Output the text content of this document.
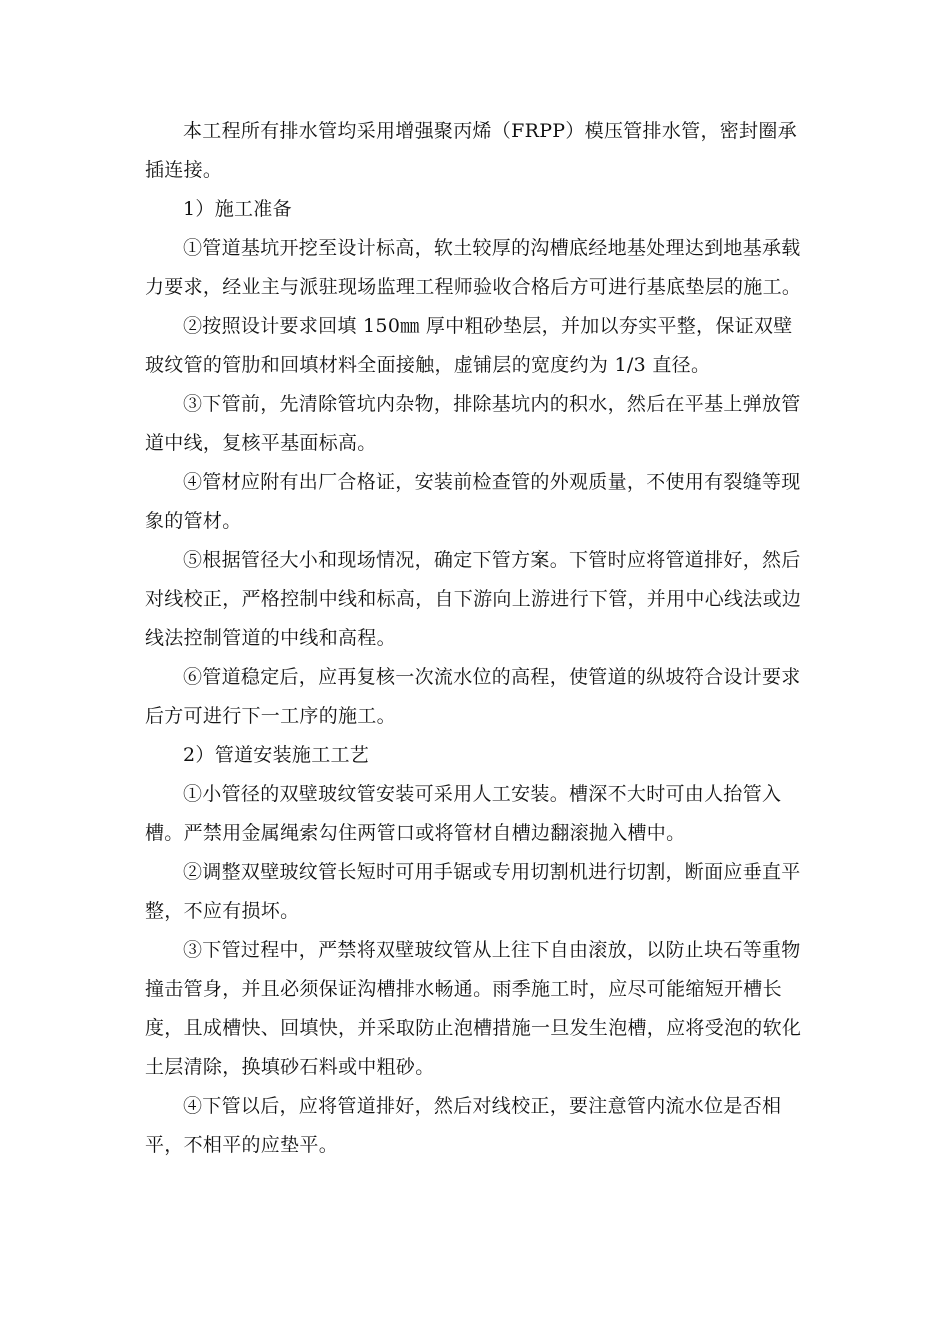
本工程所有排水管均采用增强聚丙烯（FRPP）模压管排水管，密封圈承插连接。

1）施工准备

①管道基坑开挖至设计标高，软土较厚的沟槽底经地基处理达到地基承载力要求，经业主与派驻现场监理工程师验收合格后方可进行基底垫层的施工。

②按照设计要求回填 150㎜ 厚中粗砂垫层，并加以夯实平整，保证双壁玻纹管的管肋和回填材料全面接触，虚铺层的宽度约为 1/3 直径。

③下管前，先清除管坑内杂物，排除基坑内的积水，然后在平基上弹放管道中线，复核平基面标高。

④管材应附有出厂合格证，安装前检查管的外观质量，不使用有裂缝等现象的管材。

⑤根据管径大小和现场情况，确定下管方案。下管时应将管道排好，然后对线校正，严格控制中线和标高，自下游向上游进行下管，并用中心线法或边线法控制管道的中线和高程。

⑥管道稳定后，应再复核一次流水位的高程，使管道的纵坡符合设计要求后方可进行下一工序的施工。

2）管道安装施工工艺

①小管径的双壁玻纹管安装可采用人工安装。槽深不大时可由人抬管入槽。严禁用金属绳索勾住两管口或将管材自槽边翻滚抛入槽中。

②调整双壁玻纹管长短时可用手锯或专用切割机进行切割，断面应垂直平整，不应有损坏。

③下管过程中，严禁将双壁玻纹管从上往下自由滚放，以防止块石等重物撞击管身，并且必须保证沟槽排水畅通。雨季施工时，应尽可能缩短开槽长度，且成槽快、回填快，并采取防止泡槽措施一旦发生泡槽，应将受泡的软化土层清除，换填砂石料或中粗砂。

④下管以后，应将管道排好，然后对线校正，要注意管内流水位是否相平，不相平的应垫平。
